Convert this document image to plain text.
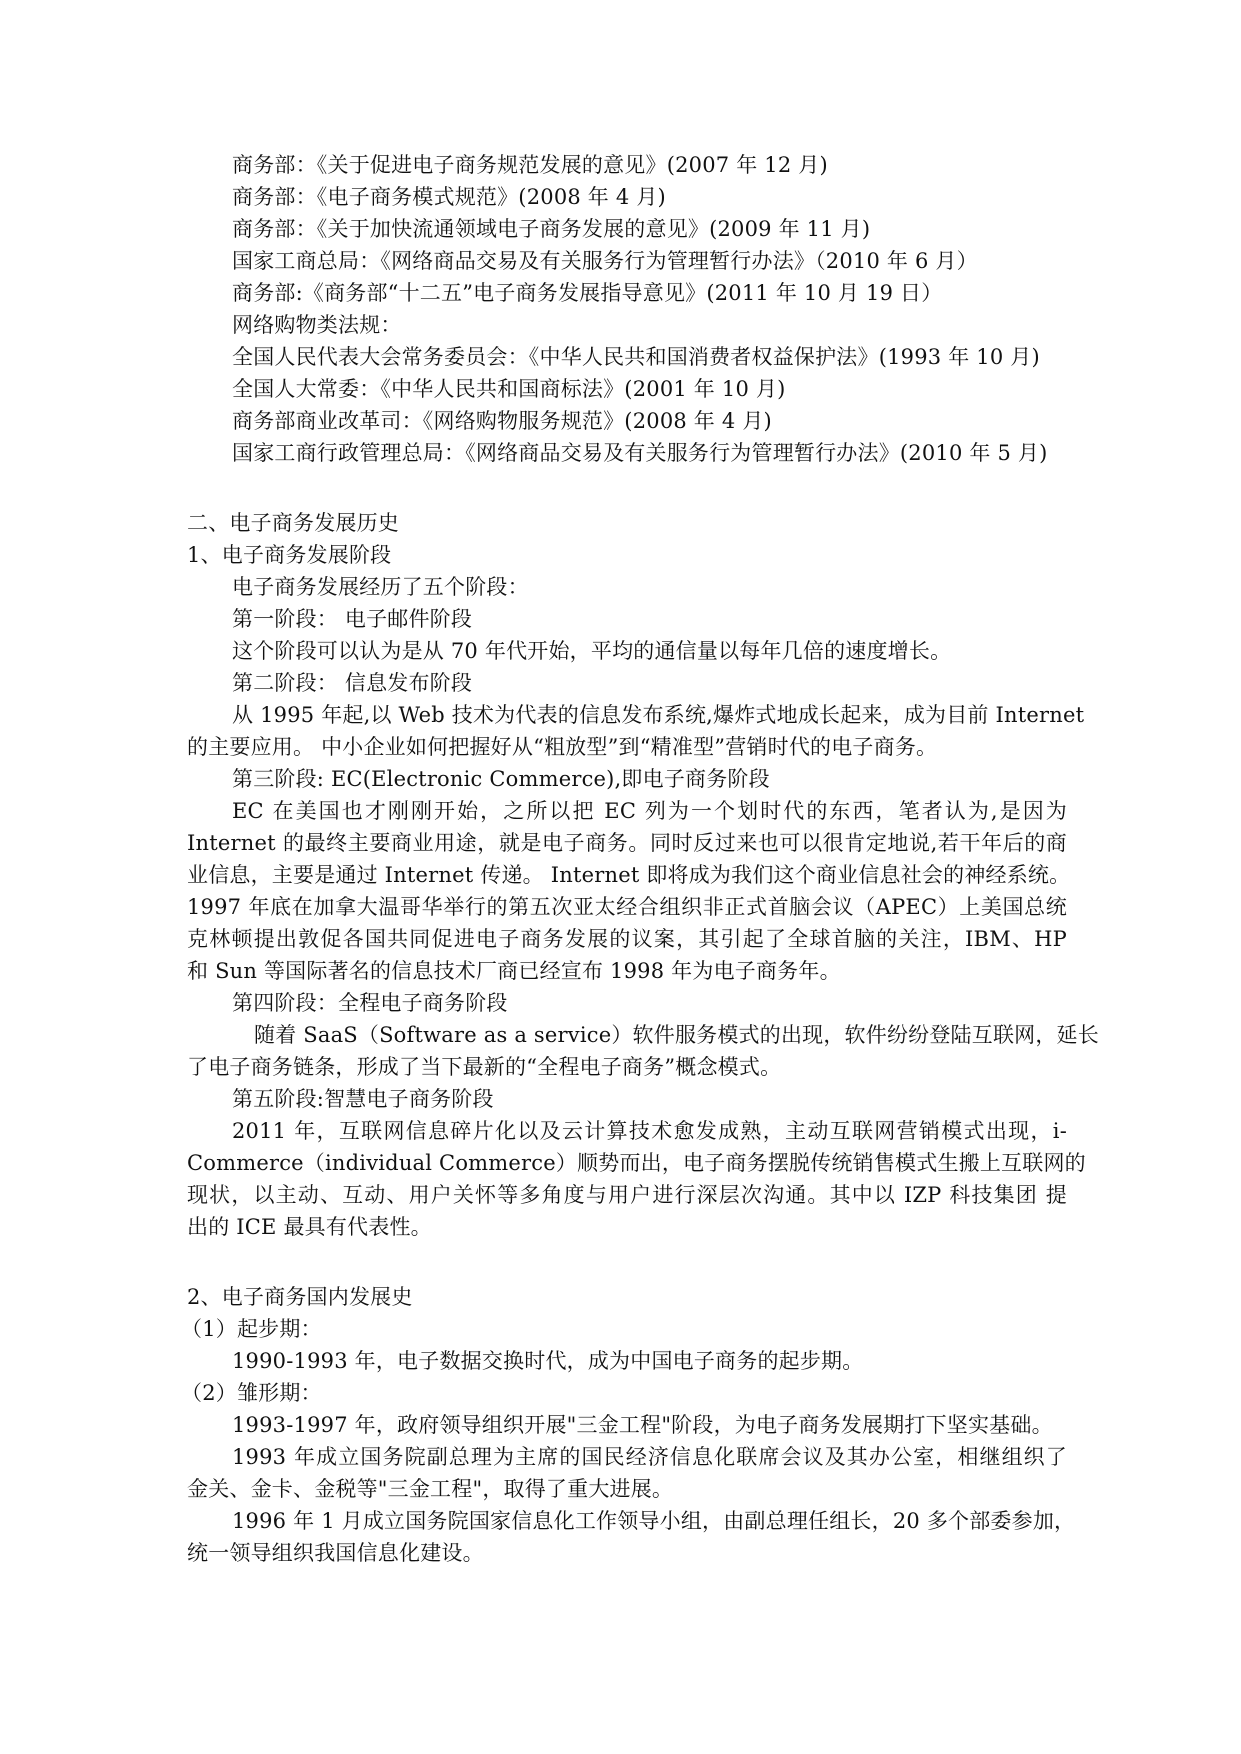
商务部：《关于促进电子商务规范发展的意见》(2007 年 12 月)
商务部：《电子商务模式规范》(2008 年 4 月)
商务部：《关于加快流通领域电子商务发展的意见》(2009 年 11 月)
国家工商总局：《网络商品交易及有关服务行为管理暂行办法》（2010 年 6 月）
商务部:《商务部“十二五”电子商务发展指导意见》(2011 年 10 月 19 日）
网络购物类法规：
全国人民代表大会常务委员会：《中华人民共和国消费者权益保护法》(1993 年 10 月)
全国人大常委：《中华人民共和国商标法》(2001 年 10 月)
商务部商业改革司：《网络购物服务规范》(2008 年 4 月)
国家工商行政管理总局：《网络商品交易及有关服务行为管理暂行办法》(2010 年 5 月)
二、电子商务发展历史
1、电子商务发展阶段
电子商务发展经历了五个阶段：
第一阶段： 电子邮件阶段
这个阶段可以认为是从 70 年代开始，平均的通信量以每年几倍的速度增长。
第二阶段： 信息发布阶段
从 1995 年起,以 Web 技术为代表的信息发布系统,爆炸式地成长起来，成为目前 Internet
的主要应用。 中小企业如何把握好从“粗放型”到“精准型”营销时代的电子商务。
第三阶段: EC(Electronic Commerce),即电子商务阶段
EC 在美国也才刚刚开始，之所以把 EC 列为一个划时代的东西，笔者认为,是因为
Internet 的最终主要商业用途，就是电子商务。同时反过来也可以很肯定地说,若干年后的商
业信息，主要是通过 Internet 传递。 Internet 即将成为我们这个商业信息社会的神经系统。
1997 年底在加拿大温哥华举行的第五次亚太经合组织非正式首脑会议（APEC）上美国总统
克林顿提出敦促各国共同促进电子商务发展的议案，其引起了全球首脑的关注，IBM、HP
和 Sun 等国际著名的信息技术厂商已经宣布 1998 年为电子商务年。
第四阶段：全程电子商务阶段
随着 SaaS（Software as a service）软件服务模式的出现，软件纷纷登陆互联网，延长
了电子商务链条，形成了当下最新的“全程电子商务”概念模式。
第五阶段:智慧电子商务阶段
2011 年，互联网信息碎片化以及云计算技术愈发成熟，主动互联网营销模式出现，i-
Commerce（individual Commerce）顺势而出，电子商务摆脱传统销售模式生搬上互联网的
现状，以主动、互动、用户关怀等多角度与用户进行深层次沟通。其中以 IZP 科技集团 提
出的 ICE 最具有代表性。
2、电子商务国内发展史
（1）起步期：
1990-1993 年，电子数据交换时代，成为中国电子商务的起步期。
（2）雏形期：
1993-1997 年，政府领导组织开展"三金工程"阶段，为电子商务发展期打下坚实基础。
1993 年成立国务院副总理为主席的国民经济信息化联席会议及其办公室，相继组织了
金关、金卡、金税等"三金工程"，取得了重大进展。
1996 年 1 月成立国务院国家信息化工作领导小组，由副总理任组长，20 多个部委参加，
统一领导组织我国信息化建设。
